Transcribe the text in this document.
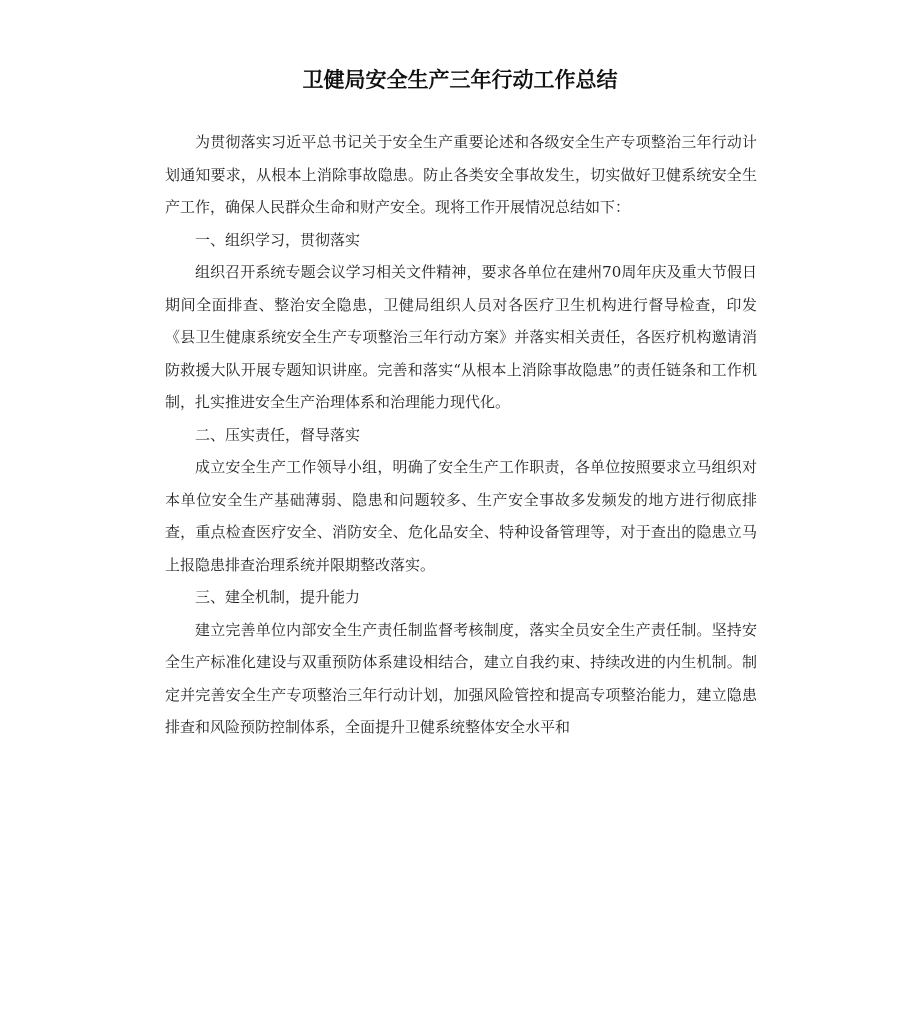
卫健局安全生产三年行动工作总结

为贯彻落实习近平总书记关于安全生产重要论述和各级安全生产专项整治三年行动计划通知要求，从根本上消除事故隐患。防止各类安全事故发生，切实做好卫健系统安全生产工作，确保人民群众生命和财产安全。现将工作开展情况总结如下：

一、组织学习，贯彻落实

组织召开系统专题会议学习相关文件精神，要求各单位在建州70周年庆及重大节假日期间全面排查、整治安全隐患，卫健局组织人员对各医疗卫生机构进行督导检查，印发《县卫生健康系统安全生产专项整治三年行动方案》并落实相关责任，各医疗机构邀请消防救援大队开展专题知识讲座。完善和落实“从根本上消除事故隐患”的责任链条和工作机制，扎实推进安全生产治理体系和治理能力现代化。

二、压实责任，督导落实

成立安全生产工作领导小组，明确了安全生产工作职责，各单位按照要求立马组织对本单位安全生产基础薄弱、隐患和问题较多、生产安全事故多发频发的地方进行彻底排查，重点检查医疗安全、消防安全、危化品安全、特种设备管理等，对于查出的隐患立马上报隐患排查治理系统并限期整改落实。

三、建全机制，提升能力

建立完善单位内部安全生产责任制监督考核制度，落实全员安全生产责任制。坚持安全生产标准化建设与双重预防体系建设相结合，建立自我约束、持续改进的内生机制。制定并完善安全生产专项整治三年行动计划，加强风险管控和提高专项整治能力，建立隐患排查和风险预防控制体系，全面提升卫健系统整体安全水平和
